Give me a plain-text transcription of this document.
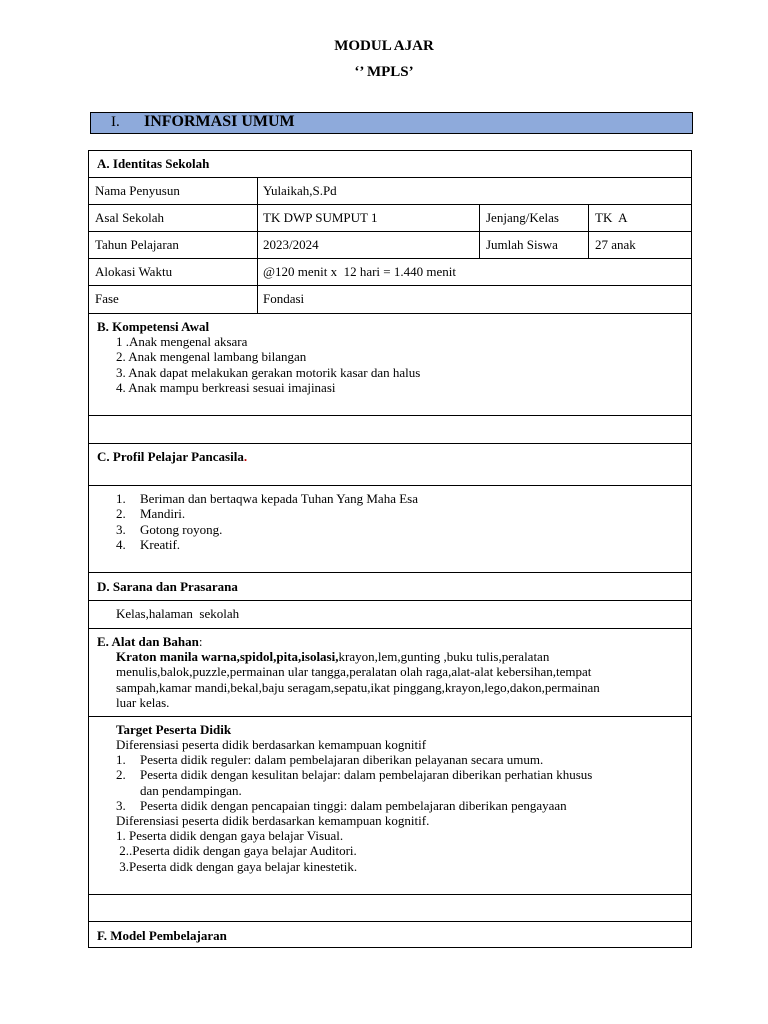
MODUL AJAR
‘’ MPLS’
I. INFORMASI UMUM
A. Identitas Sekolah
Nama Penyusun	Yulaikah,S.Pd
Asal Sekolah	TK DWP SUMPUT 1	Jenjang/Kelas	TK  A
Tahun Pelajaran	2023/2024	Jumlah Siswa	27 anak
Alokasi Waktu	@120 menit x  12 hari = 1.440 menit
Fase	Fondasi
B. Kompetensi Awal
1 .Anak mengenal aksara
2. Anak mengenal lambang bilangan
3. Anak dapat melakukan gerakan motorik kasar dan halus
4. Anak mampu berkreasi sesuai imajinasi
C. Profil Pelajar Pancasila.
1. Beriman dan bertaqwa kepada Tuhan Yang Maha Esa
2. Mandiri.
3. Gotong royong.
4. Kreatif.
D. Sarana dan Prasarana
Kelas,halaman  sekolah
E. Alat dan Bahan:
Kraton manila warna,spidol,pita,isolasi,krayon,lem,gunting ,buku tulis,peralatan
menulis,balok,puzzle,permainan ular tangga,peralatan olah raga,alat-alat kebersihan,tempat
sampah,kamar mandi,bekal,baju seragam,sepatu,ikat pinggang,krayon,lego,dakon,permainan
luar kelas.
Target Peserta Didik
Diferensiasi peserta didik berdasarkan kemampuan kognitif
1. Peserta didik reguler: dalam pembelajaran diberikan pelayanan secara umum.
2. Peserta didik dengan kesulitan belajar: dalam pembelajaran diberikan perhatian khusus
dan pendampingan.
3. Peserta didik dengan pencapaian tinggi: dalam pembelajaran diberikan pengayaan
Diferensiasi peserta didik berdasarkan kemampuan kognitif.
1. Peserta didik dengan gaya belajar Visual.
2..Peserta didik dengan gaya belajar Auditori.
3.Peserta didk dengan gaya belajar kinestetik.
F. Model Pembelajaran
